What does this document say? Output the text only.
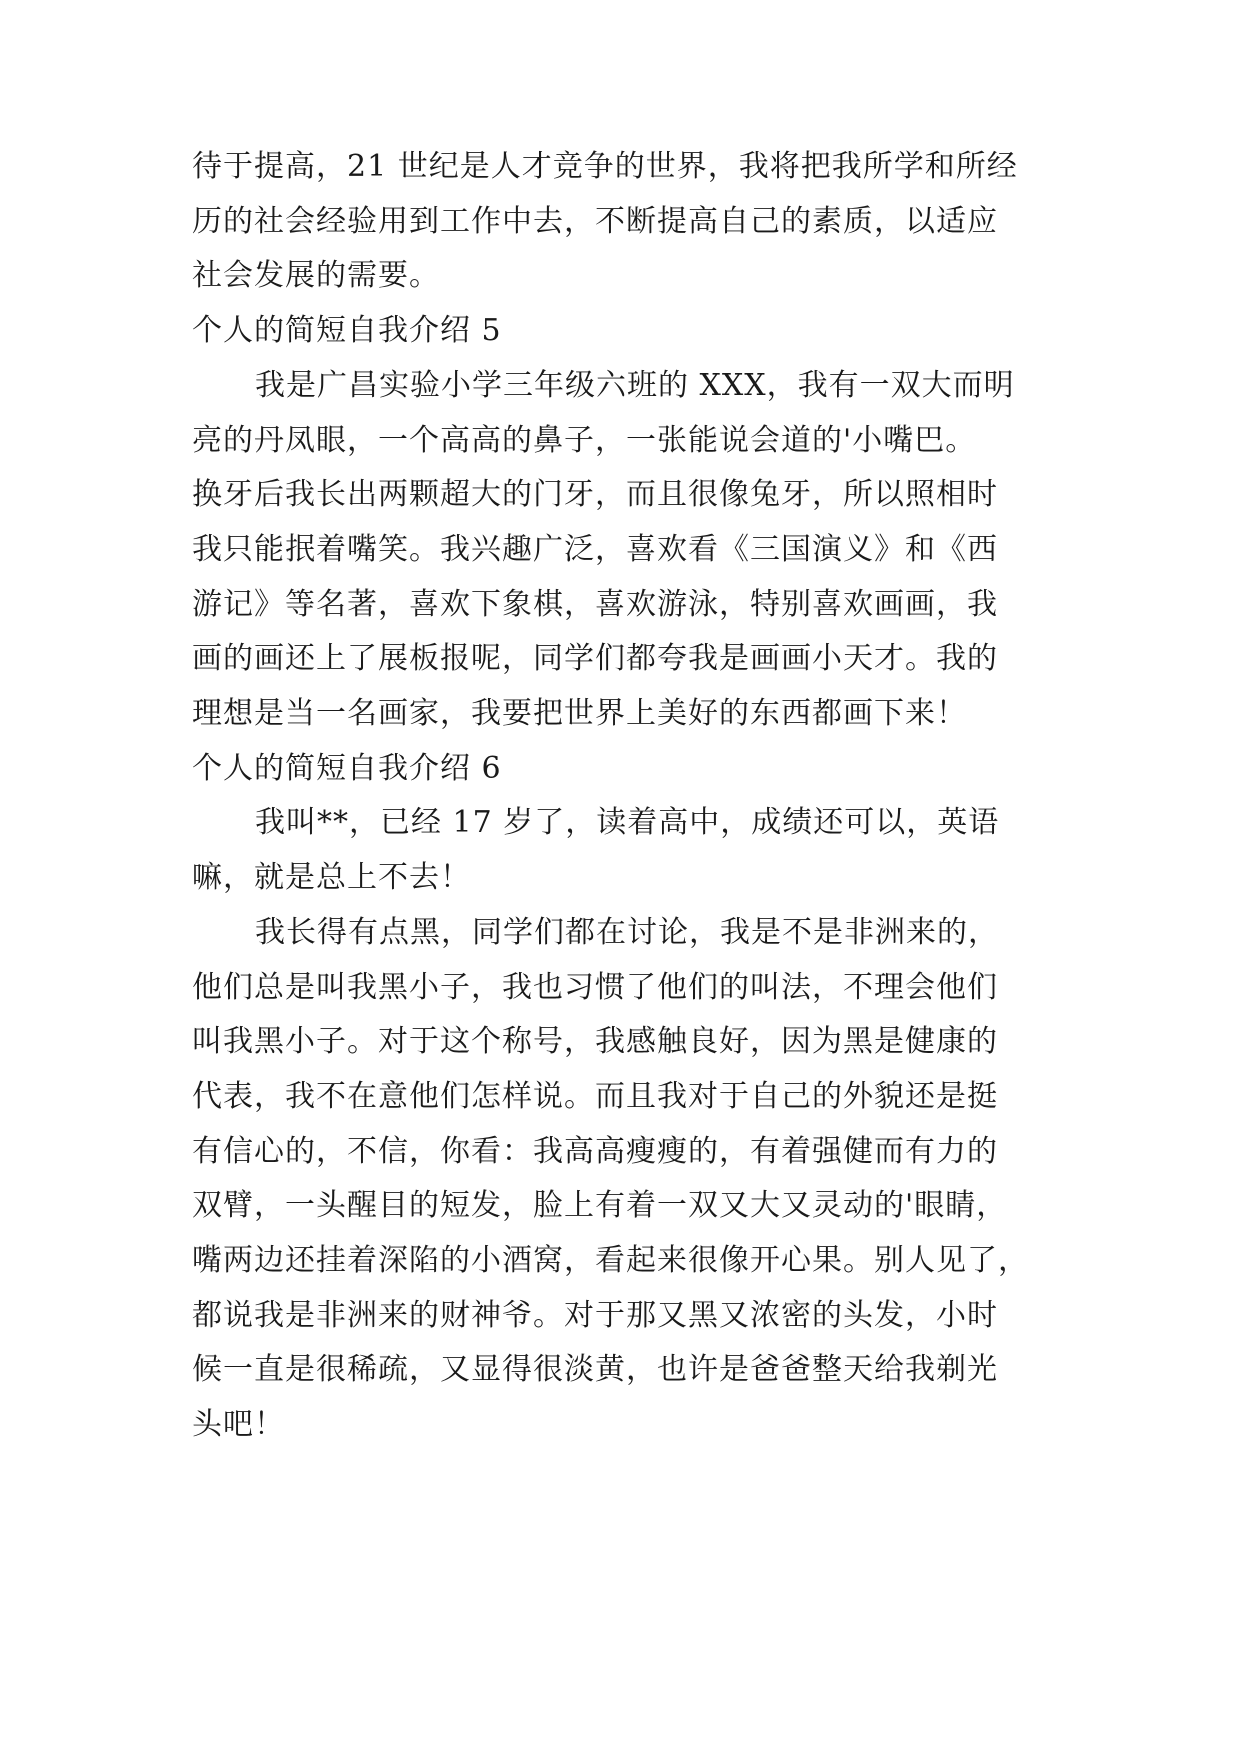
待于提高，21 世纪是人才竞争的世界，我将把我所学和所经
历的社会经验用到工作中去，不断提高自己的素质，以适应
社会发展的需要。
个人的简短自我介绍 5
我是广昌实验小学三年级六班的 XXX，我有一双大而明
亮的丹凤眼，一个高高的鼻子，一张能说会道的'小嘴巴。
换牙后我长出两颗超大的门牙，而且很像兔牙，所以照相时
我只能抿着嘴笑。我兴趣广泛，喜欢看《三国演义》和《西
游记》等名著，喜欢下象棋，喜欢游泳，特别喜欢画画，我
画的画还上了展板报呢，同学们都夸我是画画小天才。我的
理想是当一名画家，我要把世界上美好的东西都画下来！
个人的简短自我介绍 6
我叫**，已经 17 岁了，读着高中，成绩还可以，英语
嘛，就是总上不去！
我长得有点黑，同学们都在讨论，我是不是非洲来的，
他们总是叫我黑小子，我也习惯了他们的叫法，不理会他们
叫我黑小子。对于这个称号，我感触良好，因为黑是健康的
代表，我不在意他们怎样说。而且我对于自己的外貌还是挺
有信心的，不信，你看：我高高瘦瘦的，有着强健而有力的
双臂，一头醒目的短发，脸上有着一双又大又灵动的'眼睛，
嘴两边还挂着深陷的小酒窝，看起来很像开心果。别人见了，
都说我是非洲来的财神爷。对于那又黑又浓密的头发，小时
候一直是很稀疏，又显得很淡黄，也许是爸爸整天给我剃光
头吧！
